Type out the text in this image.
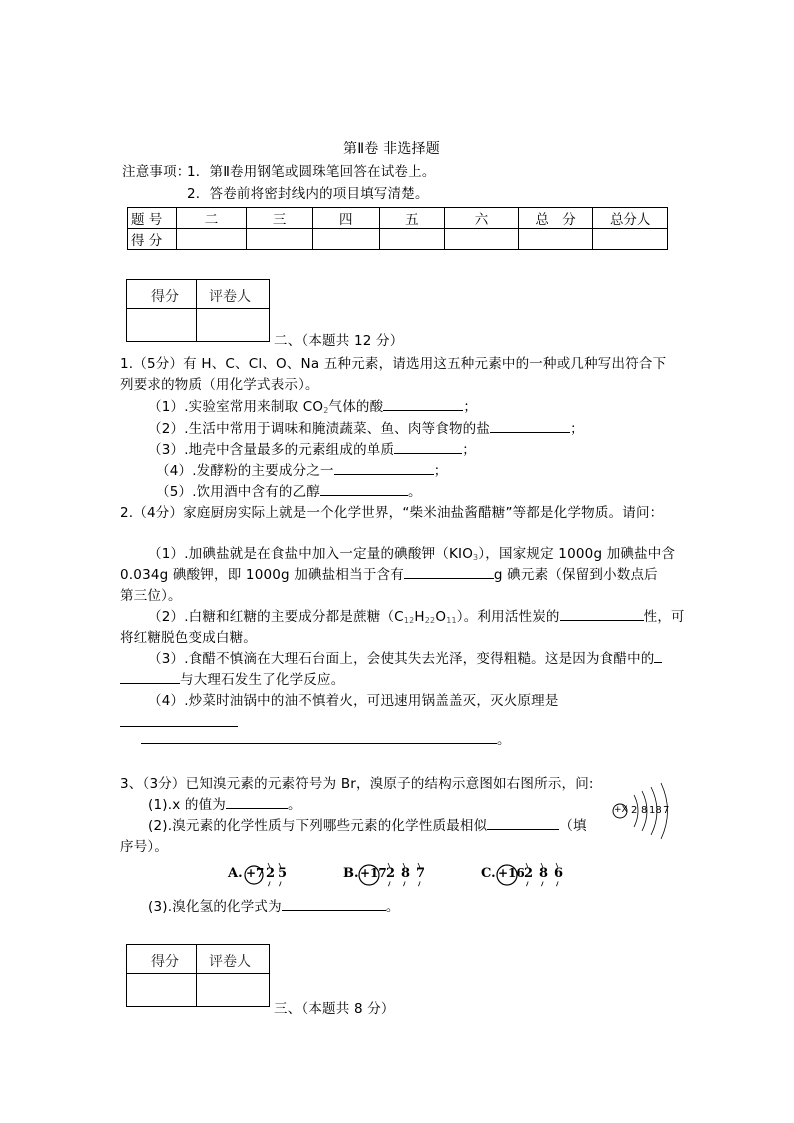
第Ⅱ卷 非选择题
注意事项：
1．第Ⅱ卷用钢笔或圆珠笔回答在试卷上。
2．答卷前将密封线内的项目填写清楚。
题 号	二	三	四	五	六	总　分	总分人
得 分							
得分 评卷人
二、（本题共 12 分）
1.（5分）有 H、C、Cl、O、Na 五种元素，请选用这五种元素中的一种或几种写出符合下
列要求的物质（用化学式表示）。
（1）.实验室常用来制取 $CO_2$气体的酸	；
（2）.生活中常用于调味和腌渍蔬菜、鱼、肉等食物的盐	；
（3）.地壳中含量最多的元素组成的单质	；
（4）.发酵粉的主要成分之一	；
（5）.饮用酒中含有的乙醇	。
2.（4分）家庭厨房实际上就是一个化学世界，“柴米油盐酱醋糖”等都是化学物质。请问：
（1）.加碘盐就是在食盐中加入一定量的碘酸钾$(KIO_3)$，国家规定 1000g 加碘盐中含
0.034g 碘酸钾，即 1000g 加碘盐相当于含有	g 碘元素（保留到小数点后
第三位）。
（2）.白糖和红糖的主要成分都是蔗糖$(C_{12}H_{22}O_{11})$。利用活性炭的	性，可
将红糖脱色变成白糖。
（3）.食醋不慎滴在大理石台面上，会使其失去光泽，变得粗糙。这是因为食醋中的
与大理石发生了化学反应。
（4）.炒菜时油锅中的油不慎着火，可迅速用锅盖盖灭，灭火原理是
。
3、（3分）已知溴元素的元素符号为 Br，溴原子的结构示意图如右图所示，问:
(1).x 的值为	。
(2).溴元素的化学性质与下列哪些元素的化学性质最相似	（填
序号）。
+X 2 8 18 7
A. +7 2 5	B. +17 2 8 7	C. +16 2 8 6
(3).溴化氢的化学式为	。
得分 评卷人
三、（本题共 8 分）
